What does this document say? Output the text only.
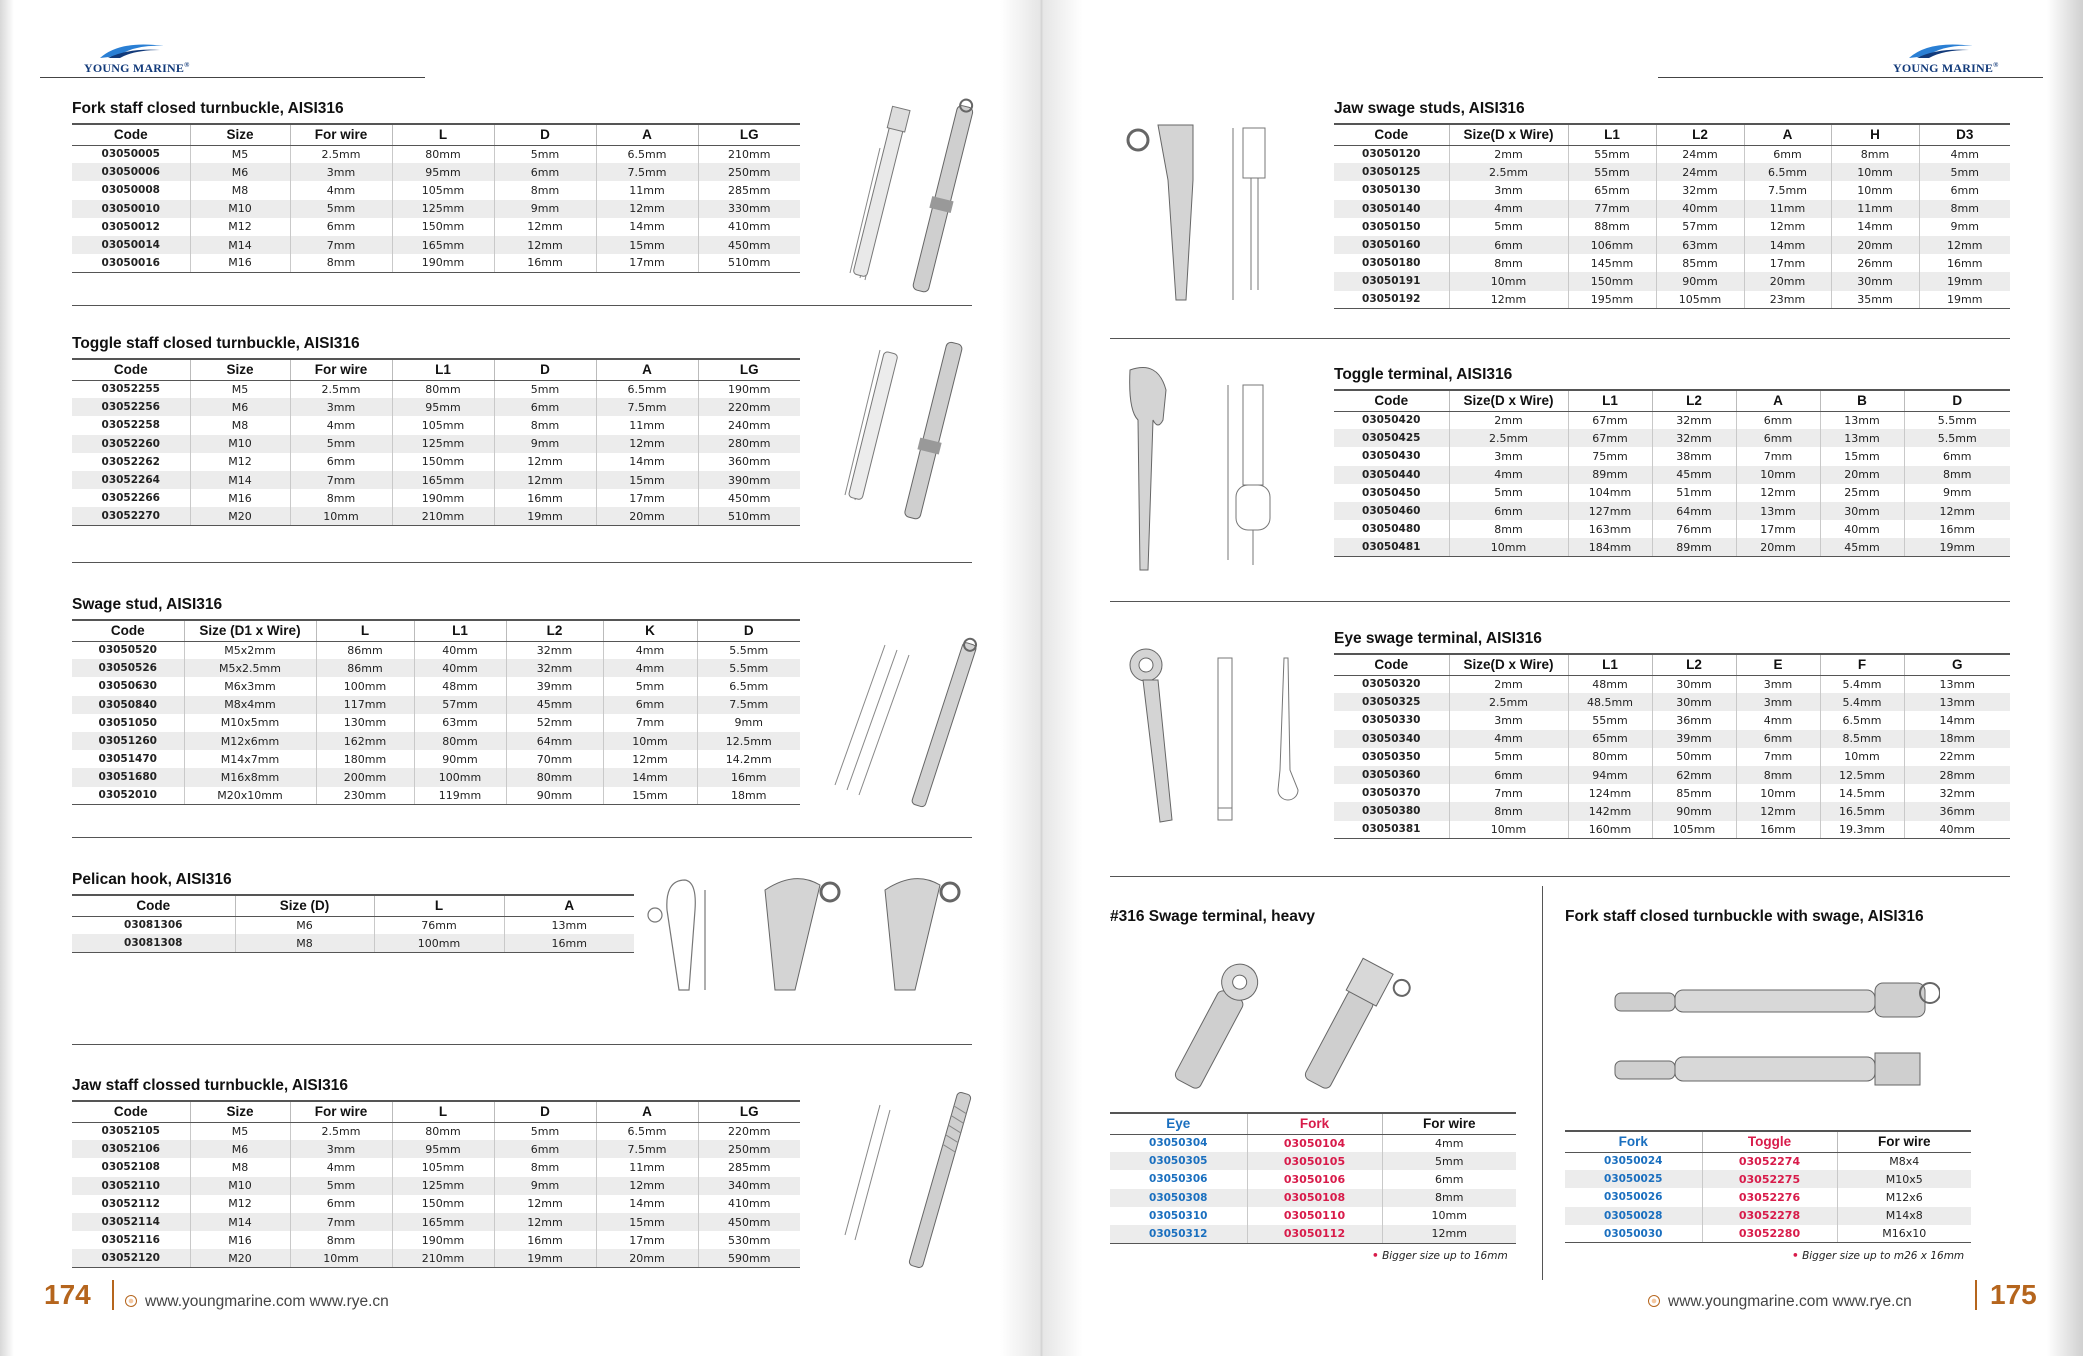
YOUNG MARINE®	YOUNG MARINE®
Fork staff closed turnbuckle, AISI316
Code	Size	For wire	L	D	A	LG
03050005	M5	2.5mm	80mm	5mm	6.5mm	210mm
03050006	M6	3mm	95mm	6mm	7.5mm	250mm
03050008	M8	4mm	105mm	8mm	11mm	285mm
03050010	M10	5mm	125mm	9mm	12mm	330mm
03050012	M12	6mm	150mm	12mm	14mm	410mm
03050014	M14	7mm	165mm	12mm	15mm	450mm
03050016	M16	8mm	190mm	16mm	17mm	510mm
Toggle staff closed turnbuckle, AISI316
Code	Size	For wire	L1	D	A	LG
03052255	M5	2.5mm	80mm	5mm	6.5mm	190mm
03052256	M6	3mm	95mm	6mm	7.5mm	220mm
03052258	M8	4mm	105mm	8mm	11mm	240mm
03052260	M10	5mm	125mm	9mm	12mm	280mm
03052262	M12	6mm	150mm	12mm	14mm	360mm
03052264	M14	7mm	165mm	12mm	15mm	390mm
03052266	M16	8mm	190mm	16mm	17mm	450mm
03052270	M20	10mm	210mm	19mm	20mm	510mm
Swage stud, AISI316
Code	Size (D1 x Wire)	L	L1	L2	K	D
03050520	M5x2mm	86mm	40mm	32mm	4mm	5.5mm
03050526	M5x2.5mm	86mm	40mm	32mm	4mm	5.5mm
03050630	M6x3mm	100mm	48mm	39mm	5mm	6.5mm
03050840	M8x4mm	117mm	57mm	45mm	6mm	7.5mm
03051050	M10x5mm	130mm	63mm	52mm	7mm	9mm
03051260	M12x6mm	162mm	80mm	64mm	10mm	12.5mm
03051470	M14x7mm	180mm	90mm	70mm	12mm	14.2mm
03051680	M16x8mm	200mm	100mm	80mm	14mm	16mm
03052010	M20x10mm	230mm	119mm	90mm	15mm	18mm
Pelican hook, AISI316
Code	Size (D)	L	A
03081306	M6	76mm	13mm
03081308	M8	100mm	16mm
Jaw staff clossed turnbuckle, AISI316
Code	Size	For wire	L	D	A	LG
03052105	M5	2.5mm	80mm	5mm	6.5mm	220mm
03052106	M6	3mm	95mm	6mm	7.5mm	250mm
03052108	M8	4mm	105mm	8mm	11mm	285mm
03052110	M10	5mm	125mm	9mm	12mm	340mm
03052112	M12	6mm	150mm	12mm	14mm	410mm
03052114	M14	7mm	165mm	12mm	15mm	450mm
03052116	M16	8mm	190mm	16mm	17mm	530mm
03052120	M20	10mm	210mm	19mm	20mm	590mm
174	www.youngmarine.com www.rye.cn
Jaw swage studs, AISI316
Code	Size(D x Wire)	L1	L2	A	H	D3
03050120	2mm	55mm	24mm	6mm	8mm	4mm
03050125	2.5mm	55mm	24mm	6.5mm	10mm	5mm
03050130	3mm	65mm	32mm	7.5mm	10mm	6mm
03050140	4mm	77mm	40mm	11mm	11mm	8mm
03050150	5mm	88mm	57mm	12mm	14mm	9mm
03050160	6mm	106mm	63mm	14mm	20mm	12mm
03050180	8mm	145mm	85mm	17mm	26mm	16mm
03050191	10mm	150mm	90mm	20mm	30mm	19mm
03050192	12mm	195mm	105mm	23mm	35mm	19mm
Toggle terminal, AISI316
Code	Size(D x Wire)	L1	L2	A	B	D
03050420	2mm	67mm	32mm	6mm	13mm	5.5mm
03050425	2.5mm	67mm	32mm	6mm	13mm	5.5mm
03050430	3mm	75mm	38mm	7mm	15mm	6mm
03050440	4mm	89mm	45mm	10mm	20mm	8mm
03050450	5mm	104mm	51mm	12mm	25mm	9mm
03050460	6mm	127mm	64mm	13mm	30mm	12mm
03050480	8mm	163mm	76mm	17mm	40mm	16mm
03050481	10mm	184mm	89mm	20mm	45mm	19mm
Eye swage terminal, AISI316
Code	Size(D x Wire)	L1	L2	E	F	G
03050320	2mm	48mm	30mm	3mm	5.4mm	13mm
03050325	2.5mm	48.5mm	30mm	3mm	5.4mm	13mm
03050330	3mm	55mm	36mm	4mm	6.5mm	14mm
03050340	4mm	65mm	39mm	6mm	8.5mm	18mm
03050350	5mm	80mm	50mm	7mm	10mm	22mm
03050360	6mm	94mm	62mm	8mm	12.5mm	28mm
03050370	7mm	124mm	85mm	10mm	14.5mm	32mm
03050380	8mm	142mm	90mm	12mm	16.5mm	36mm
03050381	10mm	160mm	105mm	16mm	19.3mm	40mm
#316 Swage terminal, heavy
Eye	Fork	For wire
03050304	03050104	4mm
03050305	03050105	5mm
03050306	03050106	6mm
03050308	03050108	8mm
03050310	03050110	10mm
03050312	03050112	12mm
• Bigger size up to 16mm
Fork staff closed turnbuckle with swage, AISI316
Fork	Toggle	For wire
03050024	03052274	M8x4
03050025	03052275	M10x5
03050026	03052276	M12x6
03050028	03052278	M14x8
03050030	03052280	M16x10
• Bigger size up to m26 x 16mm
www.youngmarine.com www.rye.cn	175
